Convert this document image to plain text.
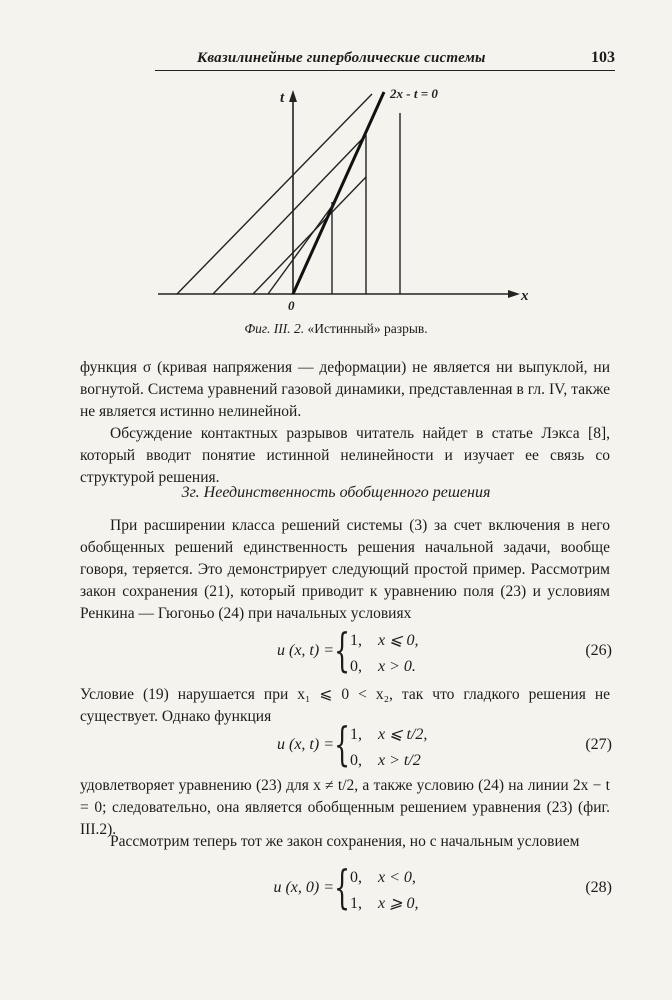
Квазилинейные гиперболические системы	103
t
x
0
2x - t = 0
Фиг. III. 2. «Истинный» разрыв.

функция σ (кривая напряжения — деформации) не является ни выпуклой, ни вогнутой. Система уравнений газовой динамики, представленная в гл. IV, также не является истинно нелинейной.

Обсуждение контактных разрывов читатель найдет в статье Лэкса [8], который вводит понятие истинной нелинейности и изучает ее связь со структурой решения.

3г. Неединственность обобщенного решения

При расширении класса решений системы (3) за счет включения в него обобщенных решений единственность решения начальной задачи, вообще говоря, теряется. Это демонстрирует следующий простой пример. Рассмотрим закон сохранения (21), который приводит к уравнению поля (23) и условиям Ренкина — Гюгоньо (24) при начальных условиях

u (x, t) = { 1, x ⩽ 0,
0, x > 0.
(26)

Условие (19) нарушается при x₁ ⩽ 0 < x₂, так что гладкого решения не существует. Однако функция

u (x, t) = { 1, x ⩽ t/2,
0, x > t/2
(27)

удовлетворяет уравнению (23) для x ≠ t/2, а также условию (24) на линии 2x − t = 0; следовательно, она является обобщенным решением уравнения (23) (фиг. III.2).

Рассмотрим теперь тот же закон сохранения, но с начальным условием

u (x, 0) = { 0, x < 0,
1, x ⩾ 0,
(28)
